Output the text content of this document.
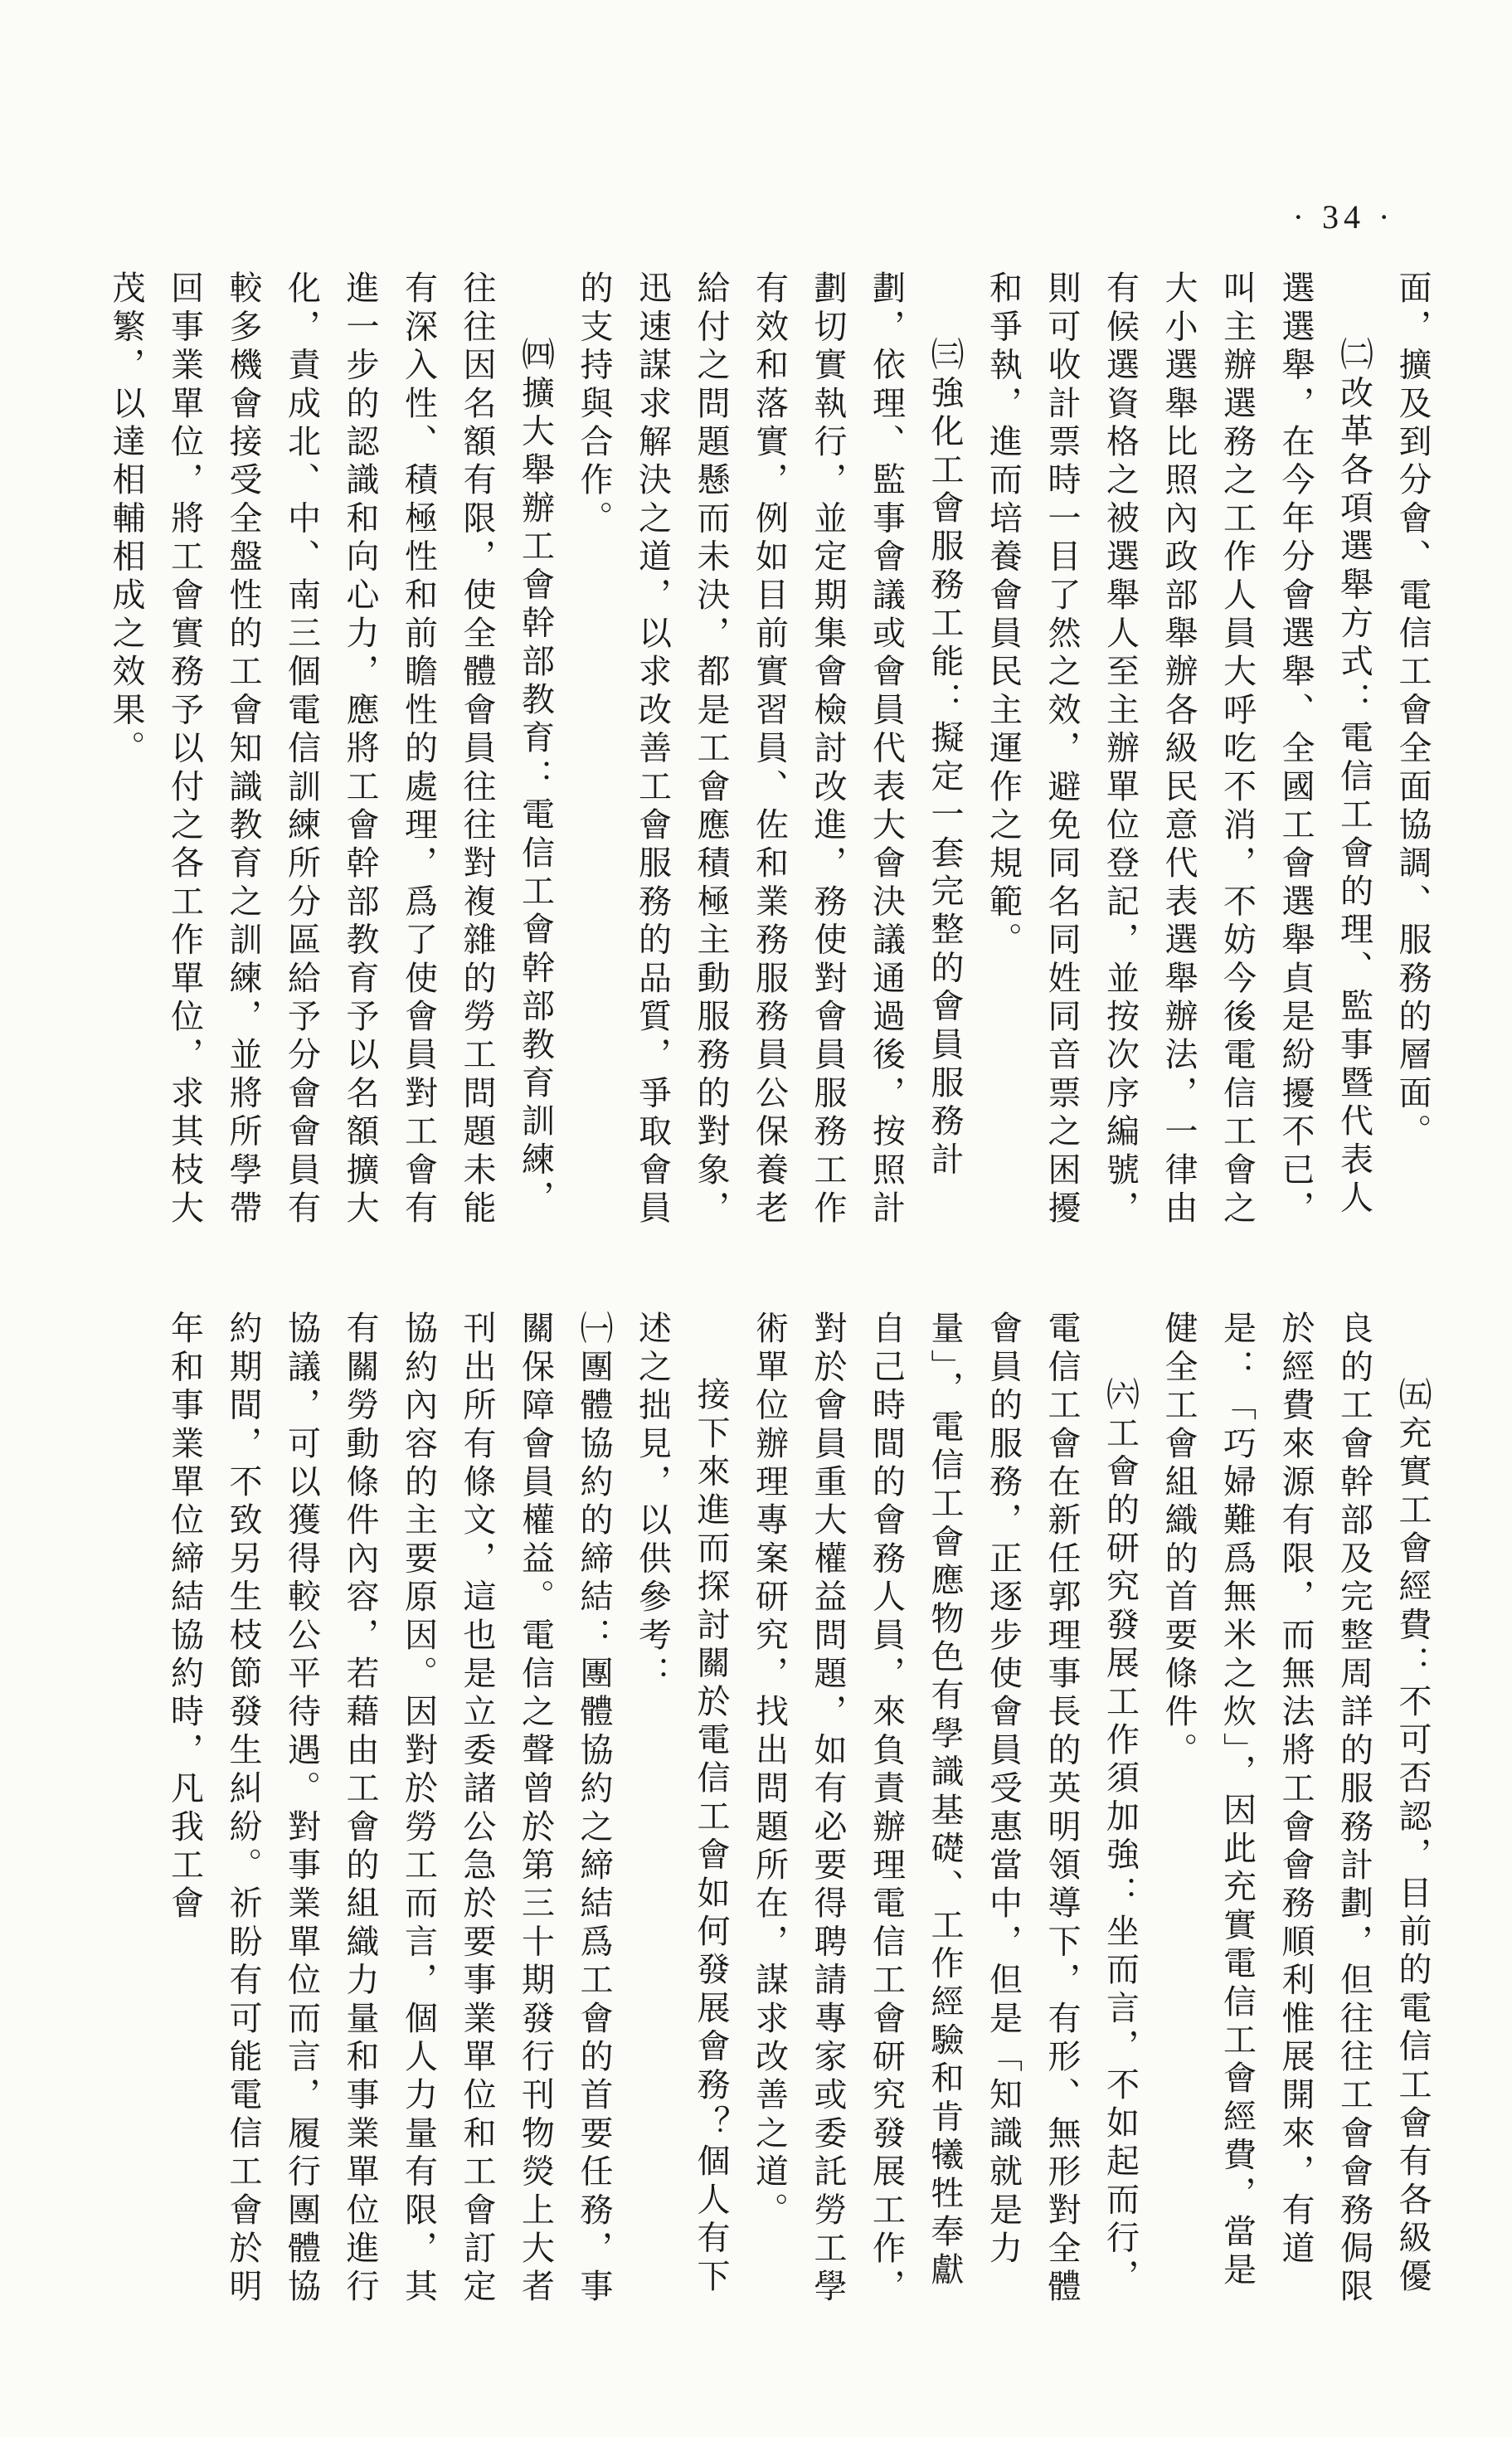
· 34 ·

面，擴及到分會、電信工會全面協調、服務的層面。

㈡改革各項選舉方式：電信工會的理、監事暨代表人選選舉，在今年分會選舉、全國工會選舉貞是紛擾不已，叫主辦選務之工作人員大呼吃不消，不妨今後電信工會之大小選舉比照內政部舉辦各級民意代表選舉辦法，一律由有候選資格之被選舉人至主辦單位登記，並按次序編號，則可收計票時一目了然之效，避免同名同姓同音票之困擾和爭執，進而培養會員民主運作之規範。

㈢強化工會服務工能：擬定一套完整的會員服務計劃，依理、監事會議或會員代表大會決議通過後，按照計劃切實執行，並定期集會檢討改進，務使對會員服務工作有效和落實，例如目前實習員、佐和業務服務員公保養老給付之問題懸而未決，都是工會應積極主動服務的對象，迅速謀求解決之道，以求改善工會服務的品質，爭取會員的支持與合作。

㈣擴大舉辦工會幹部教育：電信工會幹部教育訓練，往往因名額有限，使全體會員往往對複雜的勞工問題未能有深入性、積極性和前瞻性的處理，爲了使會員對工會有進一步的認識和向心力，應將工會幹部教育予以名額擴大化，責成北、中、南三個電信訓練所分區給予分會會員有較多機會接受全盤性的工會知識教育之訓練，並將所學帶回事業單位，將工會實務予以付之各工作單位，求其枝大茂繁，以達相輔相成之效果。

㈤充實工會經費：不可否認，目前的電信工會有各級優良的工會幹部及完整周詳的服務計劃，但往往工會會務侷限於經費來源有限，而無法將工會會務順利惟展開來，有道是：「巧婦難爲無米之炊」，因此充實電信工會經費，當是健全工會組織的首要條件。

㈥工會的研究發展工作須加強：坐而言，不如起而行，電信工會在新任郭理事長的英明領導下，有形、無形對全體會員的服務，正逐步使會員受惠當中，但是「知識就是力量」，電信工會應物色有學識基礎、工作經驗和肯犧牲奉獻自己時間的會務人員，來負責辦理電信工會研究發展工作，對於會員重大權益問題，如有必要得聘請專家或委託勞工學術單位辦理專案研究，找出問題所在，謀求改善之道。

接下來進而探討關於電信工會如何發展會務？個人有下述之拙見，以供參考：

㈠團體協約的締結：團體協約之締結爲工會的首要任務，事關保障會員權益。電信之聲曾於第三十期發行刊物熒上大者刊出所有條文，這也是立委諸公急於要事業單位和工會訂定協約內容的主要原因。因對於勞工而言，個人力量有限，其有關勞動條件內容，若藉由工會的組織力量和事業單位進行協議，可以獲得較公平待遇。對事業單位而言，履行團體協約期間，不致另生枝節發生糾紛。祈盼有可能電信工會於明年和事業單位締結協約時，凡我工會
